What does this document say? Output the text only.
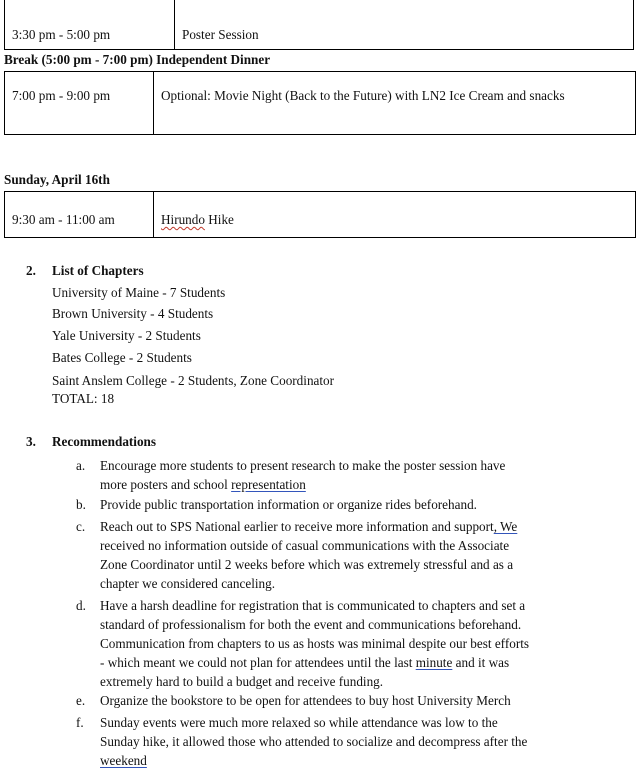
3:30 pm - 5:00 pm	Poster Session
Break (5:00 pm - 7:00 pm) Independent Dinner
7:00 pm - 9:00 pm	Optional: Movie Night (Back to the Future) with LN2 Ice Cream and snacks
Sunday, April 16th
9:30 am - 11:00 am	Hirundo Hike
2. List of Chapters
University of Maine - 7 Students
Brown University - 4 Students
Yale University - 2 Students
Bates College - 2 Students
Saint Anslem College - 2 Students, Zone Coordinator
TOTAL: 18
3. Recommendations
a. Encourage more students to present research to make the poster session have
more posters and school representation
b. Provide public transportation information or organize rides beforehand.
c. Reach out to SPS National earlier to receive more information and support, We
received no information outside of casual communications with the Associate
Zone Coordinator until 2 weeks before which was extremely stressful and as a
chapter we considered canceling.
d. Have a harsh deadline for registration that is communicated to chapters and set a
standard of professionalism for both the event and communications beforehand.
Communication from chapters to us as hosts was minimal despite our best efforts
- which meant we could not plan for attendees until the last minute and it was
extremely hard to build a budget and receive funding.
e. Organize the bookstore to be open for attendees to buy host University Merch
f. Sunday events were much more relaxed so while attendance was low to the
Sunday hike, it allowed those who attended to socialize and decompress after the
weekend
